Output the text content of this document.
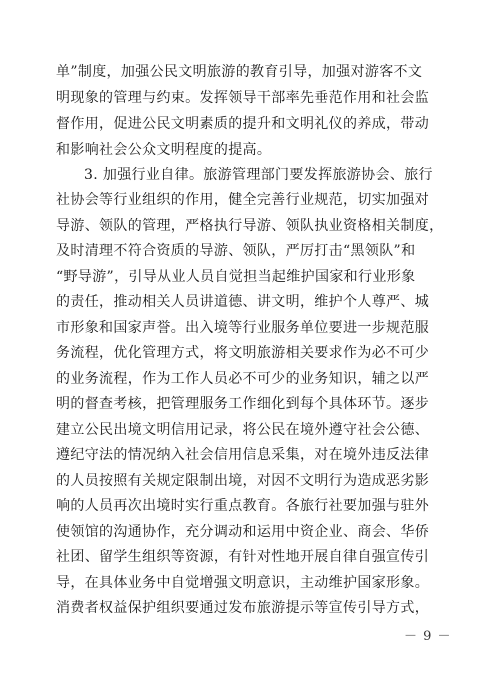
单”制度，加强公民文明旅游的教育引导，加强对游客不文
明现象的管理与约束。发挥领导干部率先垂范作用和社会监
督作用，促进公民文明素质的提升和文明礼仪的养成，带动
和影响社会公众文明程度的提高。
3. 加强行业自律。旅游管理部门要发挥旅游协会、旅行
社协会等行业组织的作用，健全完善行业规范，切实加强对
导游、领队的管理，严格执行导游、领队执业资格相关制度，
及时清理不符合资质的导游、领队，严厉打击“黑领队”和
“野导游”，引导从业人员自觉担当起维护国家和行业形象
的责任，推动相关人员讲道德、讲文明，维护个人尊严、城
市形象和国家声誉。出入境等行业服务单位要进一步规范服
务流程，优化管理方式，将文明旅游相关要求作为必不可少
的业务流程，作为工作人员必不可少的业务知识，辅之以严
明的督查考核，把管理服务工作细化到每个具体环节。逐步
建立公民出境文明信用记录，将公民在境外遵守社会公德、
遵纪守法的情况纳入社会信用信息采集，对在境外违反法律
的人员按照有关规定限制出境，对因不文明行为造成恶劣影
响的人员再次出境时实行重点教育。各旅行社要加强与驻外
使领馆的沟通协作，充分调动和运用中资企业、商会、华侨
社团、留学生组织等资源，有针对性地开展自律自强宣传引
导，在具体业务中自觉增强文明意识，主动维护国家形象。
消费者权益保护组织要通过发布旅游提示等宣传引导方式，
－ 9 －
